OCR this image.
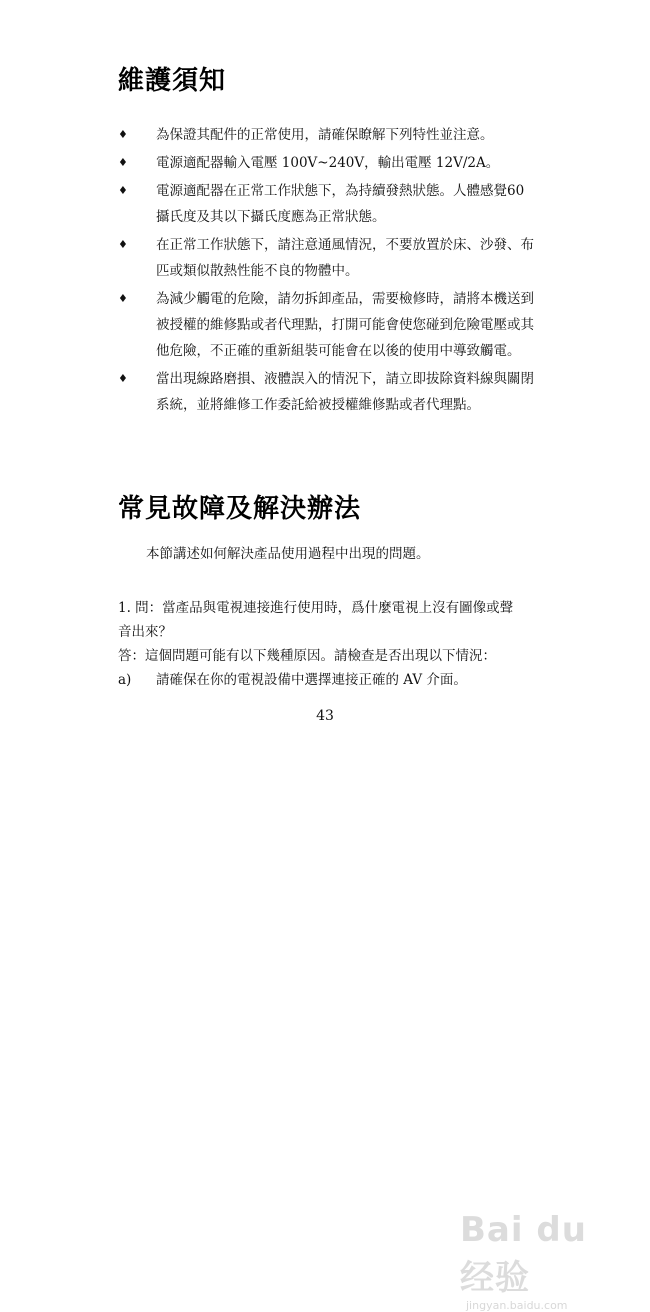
維護須知
♦ 為保證其配件的正常使用，請確保瞭解下列特性並注意。
♦ 電源適配器輸入電壓 100V~240V，輸出電壓 12V/2A。
♦ 電源適配器在正常工作狀態下，為持續發熱狀態。人體感覺60 攝氏度及其以下攝氏度應為正常狀態。
♦ 在正常工作狀態下，請注意通風情況，不要放置於床、沙發、布匹或類似散熱性能不良的物體中。
♦ 為減少觸電的危險，請勿拆卸產品，需要檢修時，請將本機送到被授權的維修點或者代理點，打開可能會使您碰到危險電壓或其他危險，不正確的重新組裝可能會在以後的使用中導致觸電。
♦ 當出現線路磨損、液體誤入的情況下，請立即拔除資料線與關閉系統，並將維修工作委託給被授權維修點或者代理點。
常見故障及解決辦法

本節講述如何解決產品使用過程中出現的問題。

1. 問：當產品與電視連接進行使用時，爲什麼電視上沒有圖像或聲音出來？

答：這個問題可能有以下幾種原因。請檢查是否出現以下情況：

a)	請確保在你的電視設備中選擇連接正確的 AV 介面。

43
Bai du 经验
jingyan.baidu.com
